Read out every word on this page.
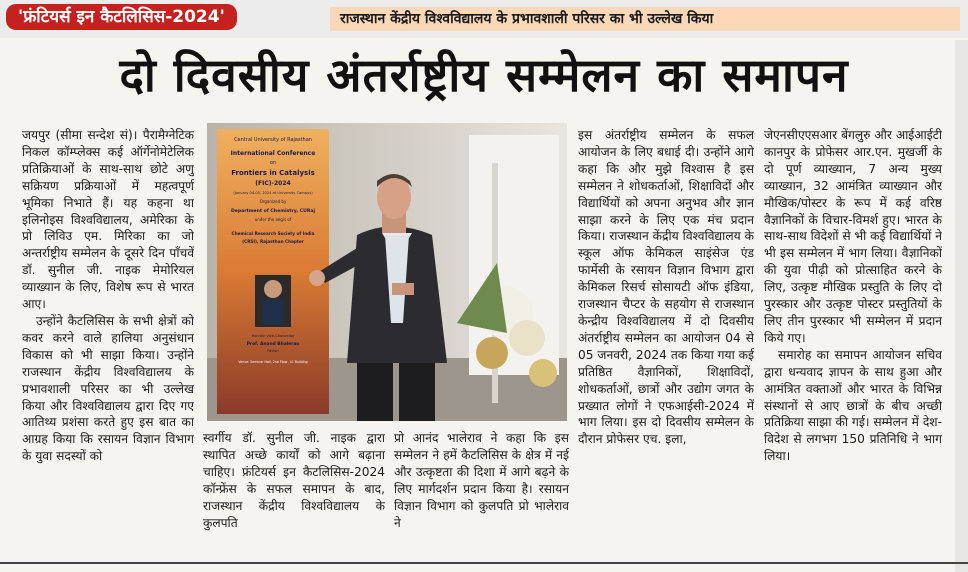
'फ्रंटियर्स इन कैटलिसिस-2024'	राजस्थान केंद्रीय विश्वविद्यालय के प्रभावशाली परिसर का भी उल्लेख किया
दो दिवसीय अंतर्राष्ट्रीय सम्मेलन का समापन
Central University of Rajasthan
International Conference
on
Frontiers in Catalysis
(FIC)-2024
(January 04-05, 2024 at University Campus)
Organized by
Department of Chemistry, CURaj
under the aegis of
Chemical Research Society of India
(CRSI), Rajasthan Chapter
Hon'ble Vice-Chancellor
Prof. Anand Bhalerao
Patron
Venue: Seminar Hall, 2nd Floor, LC Building

जयपुर (सीमा सन्देश सं)। पैरामैग्नेटिक निकल कॉम्प्लेक्स कई ऑर्गेनोमेटेलिक प्रतिक्रियाओं के साथ-साथ छोटे अणु सक्रियण प्रक्रियाओं में महत्वपूर्ण भूमिका निभाते हैं। यह कहना था इलिनोइस विश्वविद्यालय, अमेरिका के प्रो लिविउ एम. मिरिका का जो अन्तर्राष्ट्रीय सम्मेलन के दूसरे दिन पाँचवें डॉ. सुनील जी. नाइक मेमोरियल व्याख्यान के लिए, विशेष रूप से भारत आए।

उन्होंने कैटलिसिस के सभी क्षेत्रों को कवर करने वाले हालिया अनुसंधान विकास को भी साझा किया। उन्होंने राजस्थान केंद्रीय विश्वविद्यालय के प्रभावशाली परिसर का भी उल्लेख किया और विश्वविद्यालय द्वारा दिए गए आतिथ्य प्रशंसा करते हुए इस बात का आग्रह किया कि रसायन विज्ञान विभाग के युवा सदस्यों को

स्वर्गीय डॉ. सुनील जी. नाइक द्वारा स्थापित अच्छे कार्यों को आगे बढ़ाना चाहिए। फ्रंटियर्स इन कैटलिसिस-2024 कॉन्फ्रेंस के सफल समापन के बाद, राजस्थान केंद्रीय विश्वविद्यालय के कुलपति

प्रो आनंद भालेराव ने कहा कि इस सम्मेलन ने हमें कैटलिसिस के क्षेत्र में नई और उत्कृष्टता की दिशा में आगे बढ़ने के लिए मार्गदर्शन प्रदान किया है। रसायन विज्ञान विभाग को कुलपति प्रो भालेराव ने

इस अंतर्राष्ट्रीय सम्मेलन के सफल आयोजन के लिए बधाई दी। उन्होंने आगे कहा कि और मुझे विश्वास है इस सम्मेलन ने शोधकर्ताओं, शिक्षाविदों और विद्यार्थियों को अपना अनुभव और ज्ञान साझा करने के लिए एक मंच प्रदान किया। राजस्थान केंद्रीय विश्वविद्यालय के स्कूल ऑफ केमिकल साइंसेज एंड फार्मेसी के रसायन विज्ञान विभाग द्वारा केमिकल रिसर्च सोसायटी ऑफ इंडिया, राजस्थान चैप्टर के सहयोग से राजस्थान केन्द्रीय विश्वविद्यालय में दो दिवसीय अंतर्राष्ट्रीय सम्मेलन का आयोजन 04 से 05 जनवरी, 2024 तक किया गया कई प्रतिष्ठित वैज्ञानिकों, शिक्षाविदों, शोधकर्ताओं, छात्रों और उद्योग जगत के प्रख्यात लोगों ने एफआईसी-2024 में भाग लिया। इस दो दिवसीय सम्मेलन के दौरान प्रोफेसर एच. इला,

जेएनसीएएसआर बेंगलुरु और आईआईटी कानपुर के प्रोफेसर आर.एन. मुखर्जी के दो पूर्ण व्याख्यान, 7 अन्य मुख्य व्याख्यान, 32 आमंत्रित व्याख्यान और मौखिक/पोस्टर के रूप में कई वरिष्ठ वैज्ञानिकों के विचार-विमर्श हुए। भारत के साथ-साथ विदेशों से भी कई विद्यार्थियों ने भी इस सम्मेलन में भाग लिया। वैज्ञानिकों की युवा पीढ़ी को प्रोत्साहित करने के लिए, उत्कृष्ट मौखिक प्रस्तुति के लिए दो पुरस्कार और उत्कृष्ट पोस्टर प्रस्तुतियों के लिए तीन पुरस्कार भी सम्मेलन में प्रदान किये गए।

समारोह का समापन आयोजन सचिव द्वारा धन्यवाद ज्ञापन के साथ हुआ और आमंत्रित वक्ताओं और भारत के विभिन्न संस्थानों से आए छात्रों के बीच अच्छी प्रतिक्रिया साझा की गई। सम्मेलन में देश-विदेश से लगभग 150 प्रतिनिधि ने भाग लिया।
